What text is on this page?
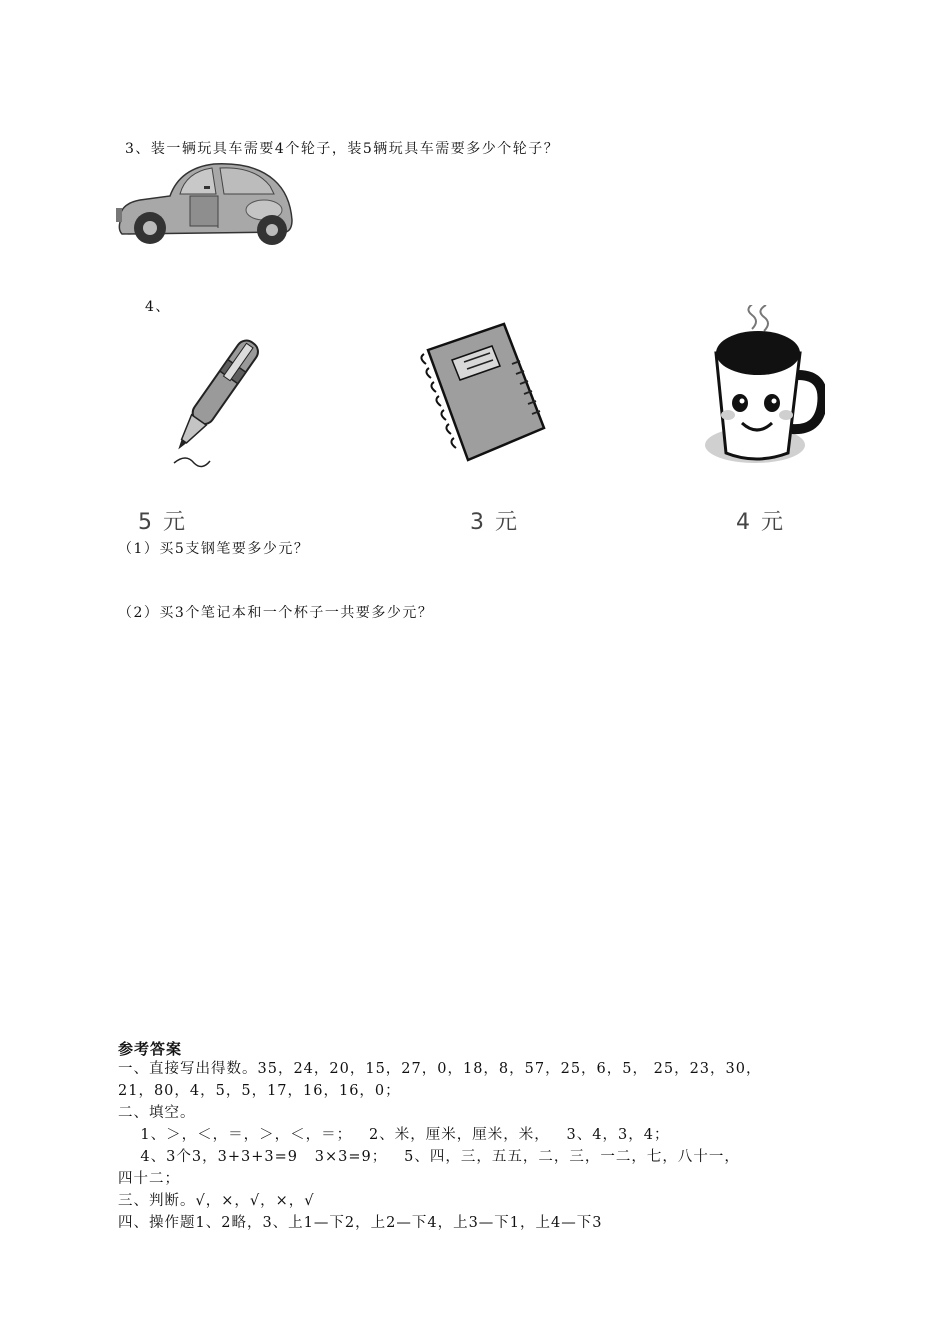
3、装一辆玩具车需要4个轮子，装5辆玩具车需要多少个轮子？
4、
5 元	3 元	4 元
（1）买5支钢笔要多少元？
（2）买3个笔记本和一个杯子一共要多少元？
参考答案
一、直接写出得数。35，24，20，15，27，0，18，8，57，25，6，5， 25，23，30，
21，80，4，5，5，17，16，16，0；
二、填空。
1、＞，＜，＝，＞，＜，＝；   2、米，厘米，厘米，米，   3、4，3，4；
4、3个3，3+3+3=9   3×3=9；   5、四，三，五五，二，三，一二，七，八十一，
四十二；
三、判断。√，×，√，×，√
四、操作题1、2略，3、上1—下2，上2—下4，上3—下1，上4—下3
